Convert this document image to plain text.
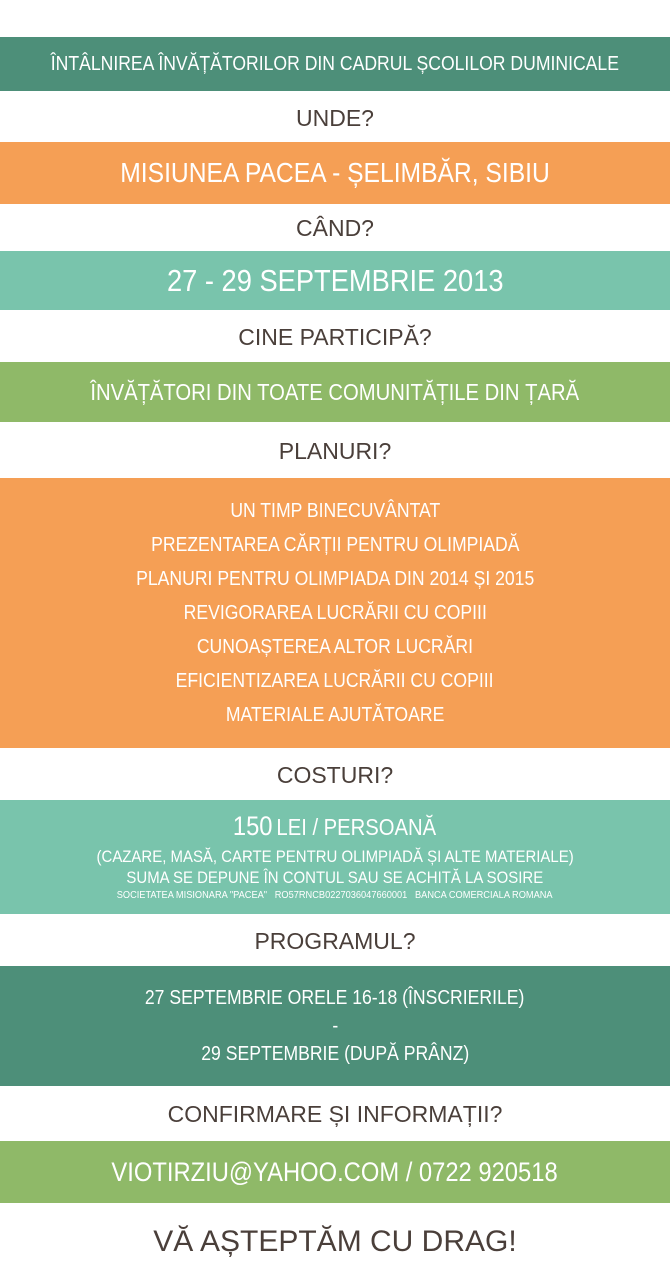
ÎNTÂLNIREA ÎNVĂȚĂTORILOR DIN CADRUL ȘCOLILOR DUMINICALE
UNDE?
MISIUNEA PACEA - ȘELIMBĂR, SIBIU
CÂND?
27 - 29 SEPTEMBRIE 2013
CINE PARTICIPĂ?
ÎNVĂȚĂTORI DIN TOATE COMUNITĂȚILE DIN ȚARĂ
PLANURI?
UN TIMP BINECUVÂNTAT
PREZENTAREA CĂRȚII PENTRU OLIMPIADĂ
PLANURI PENTRU OLIMPIADA DIN 2014 ȘI 2015
REVIGORAREA LUCRĂRII CU COPIII
CUNOAȘTEREA ALTOR LUCRĂRI
EFICIENTIZAREA LUCRĂRII CU COPIII
MATERIALE AJUTĂTOARE
COSTURI?
150 LEI / PERSOANĂ
(CAZARE, MASĂ, CARTE PENTRU OLIMPIADĂ ȘI ALTE MATERIALE)
SUMA SE DEPUNE ÎN CONTUL SAU SE ACHITĂ LA SOSIRE
SOCIETATEA MISIONARA "PACEA"   RO57RNCB0227036047660001   BANCA COMERCIALA ROMANA
PROGRAMUL?
27 SEPTEMBRIE ORELE 16-18 (ÎNSCRIERILE)
-
29 SEPTEMBRIE (DUPĂ PRÂNZ)
CONFIRMARE ȘI INFORMAȚII?
VIOTIRZIU@YAHOO.COM / 0722 920518
VĂ AȘTEPTĂM CU DRAG!
